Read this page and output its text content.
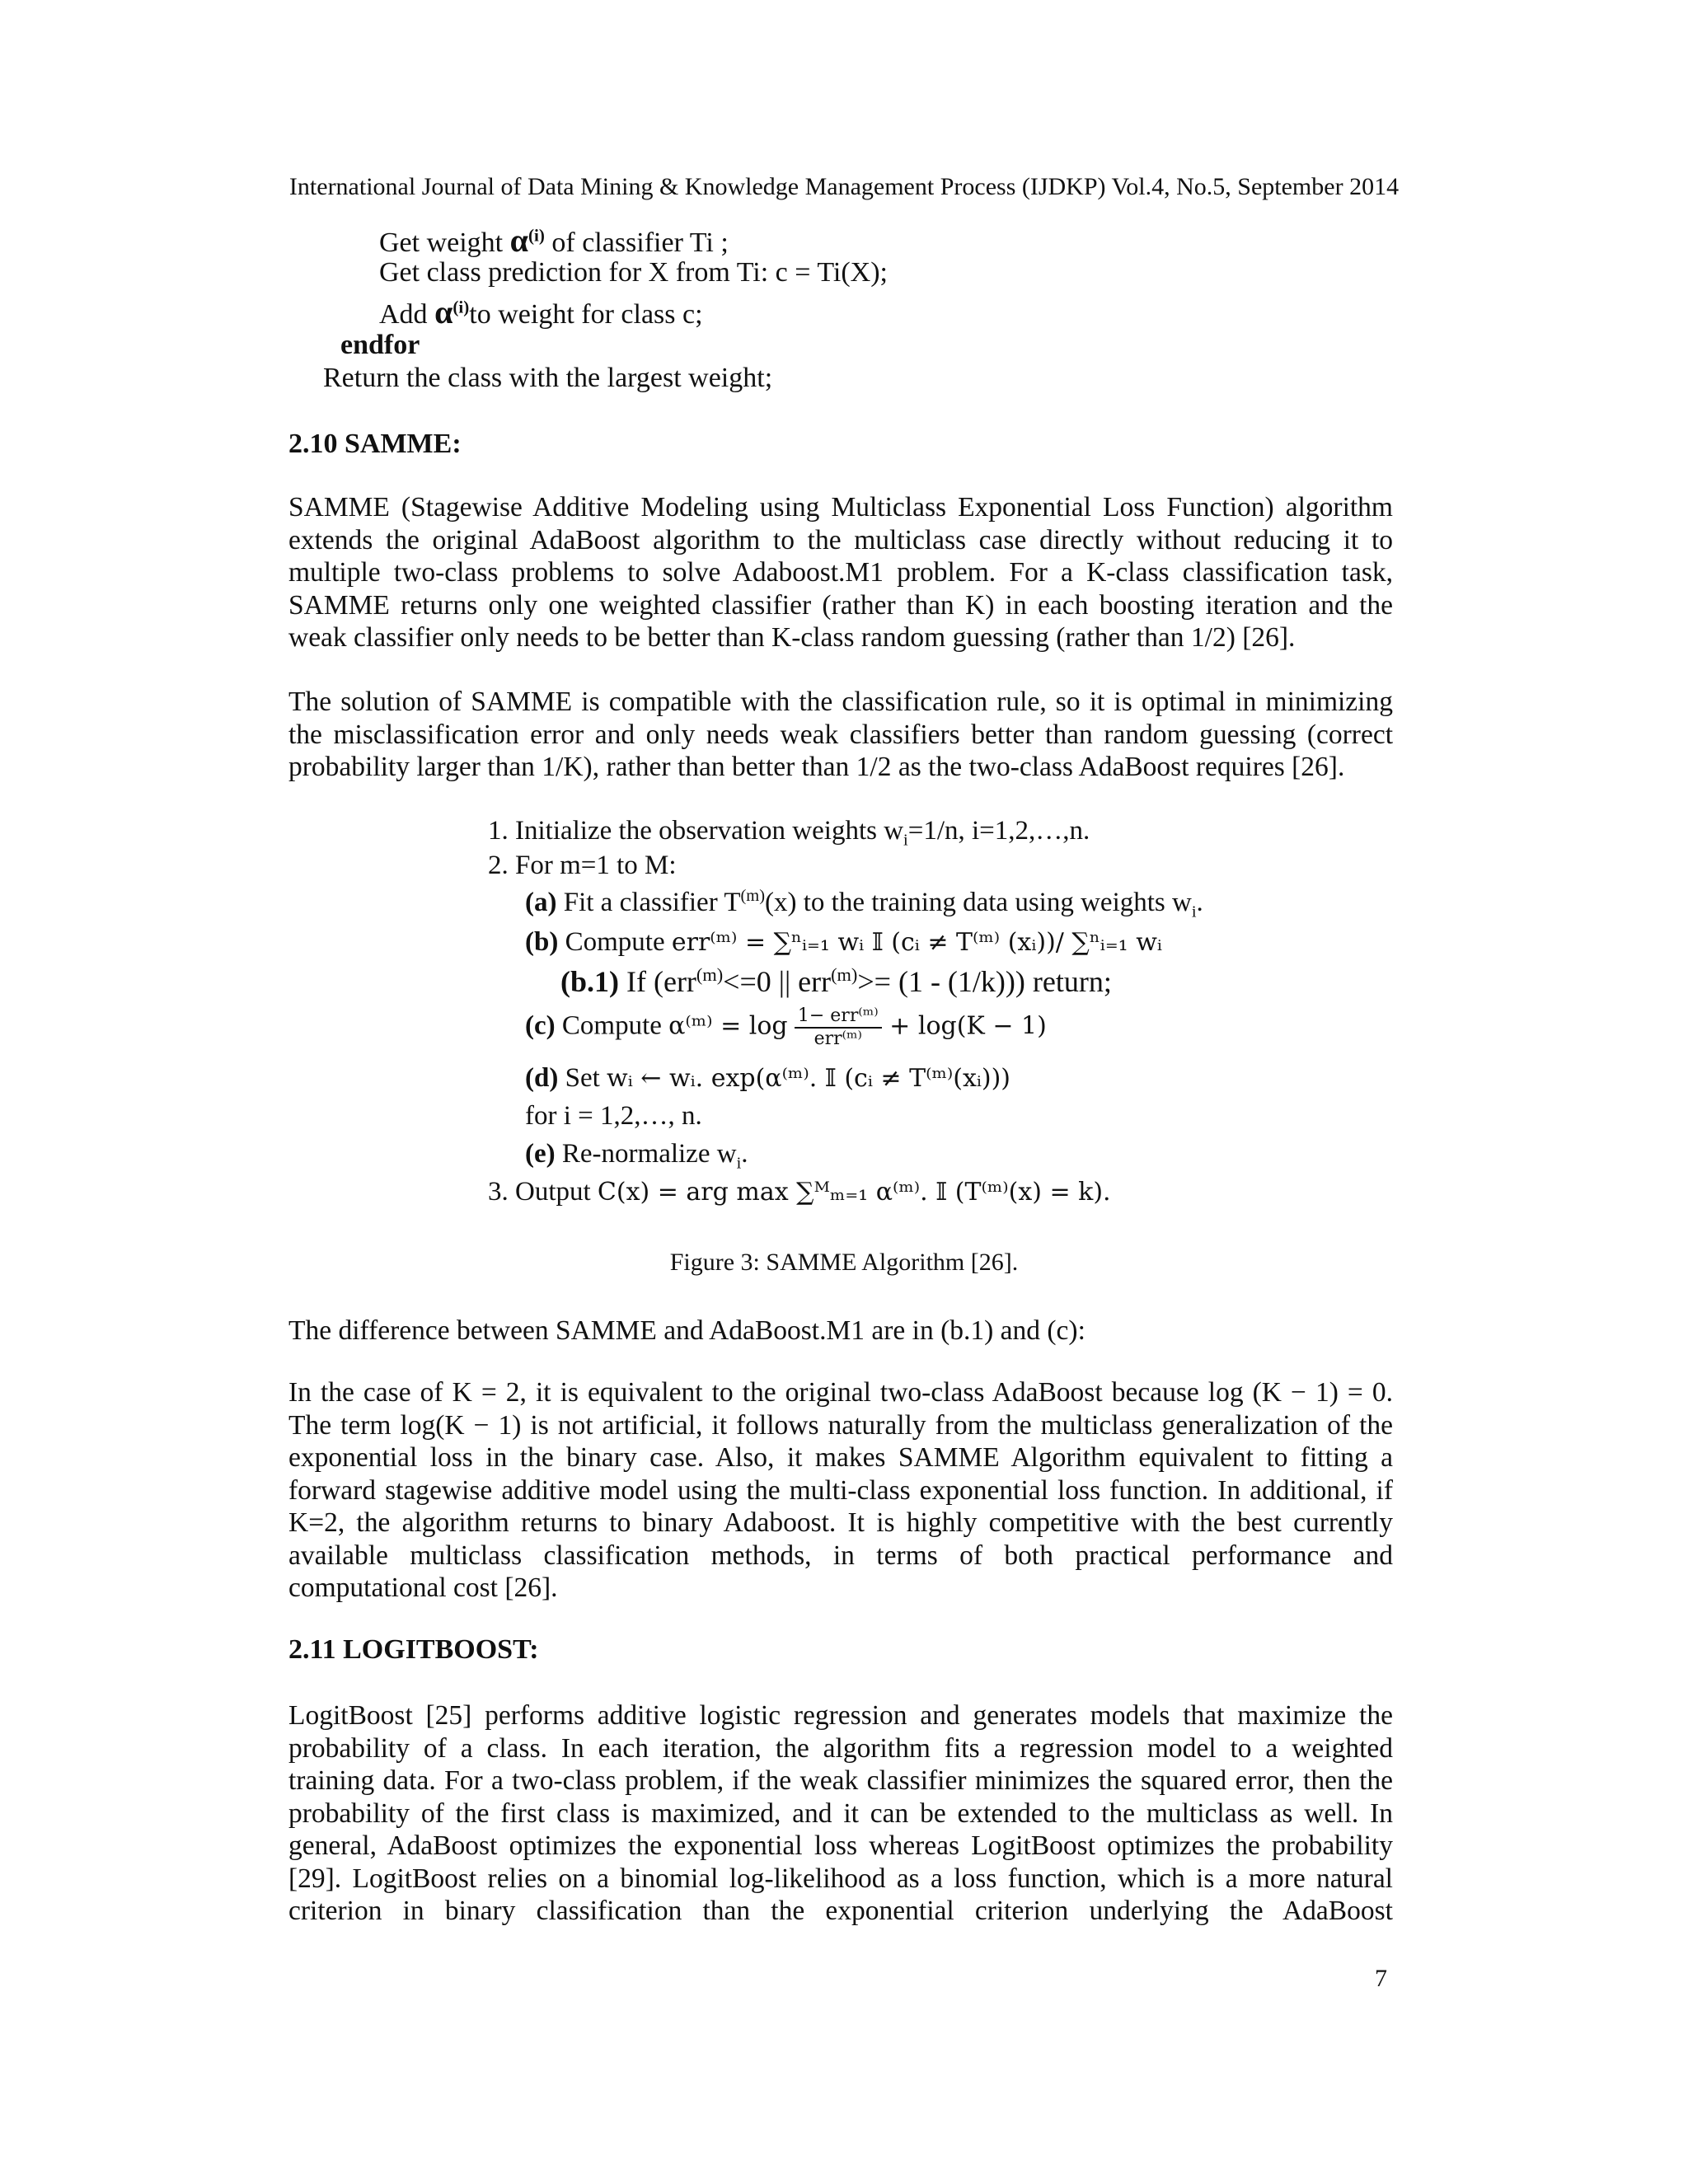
International Journal of Data Mining & Knowledge Management Process (IJDKP) Vol.4, No.5, September 2014
Get weight $\alpha^{(i)}$ of classifier Ti ;
Get class prediction for X from Ti: c = Ti(X);
Add $\alpha^{(i)}to$ weight for class c;
endfor
Return the class with the largest weight;
2.10 SAMME:
SAMME (Stagewise Additive Modeling using Multiclass Exponential Loss Function) algorithm
extends the original AdaBoost algorithm to the multiclass case directly without reducing it to
multiple two-class problems to solve Adaboost.M1 problem. For a K-class classification task,
SAMME returns only one weighted classifier (rather than K) in each boosting iteration and the
weak classifier only needs to be better than K-class random guessing (rather than 1/2) [26].
The solution of SAMME is compatible with the classification rule, so it is optimal in minimizing
the misclassification error and only needs weak classifiers better than random guessing (correct
probability larger than 1/K), rather than better than 1/2 as the two-class AdaBoost requires [26].
1. Initialize the observation weights $w_i=1/n$, i=1,2,…,n.
2. For m=1 to M:
(a) Fit a classifier $T^{(m)}(x)$ to the training data using weights $w_i$.
(b) Compute err⁽ᵐ⁾ = ∑ⁿᵢ₌₁ wᵢ 𝕀 (cᵢ ≠ T⁽ᵐ⁾ (xᵢ))/ ∑ⁿᵢ₌₁ wᵢ
(b.1) If (err$^{(m)}$<=0 || err$^{(m)}$>= (1 - (1/k))) return;
(c) Compute α⁽ᵐ⁾ = $\log \frac{\text{1− err⁽ᵐ⁾}}{\text{err⁽ᵐ⁾}} + \log(K - 1)$
(d) Set wᵢ ← wᵢ. exp(α⁽ᵐ⁾. 𝕀 (cᵢ ≠ T⁽ᵐ⁾(xᵢ)))
for i = 1,2,…, n.
(e) Re-normalize $w_i$.
3. Output C(x) = arg max ∑ᴹₘ₌₁ α⁽ᵐ⁾. 𝕀 (T⁽ᵐ⁾(x) = k).
Figure 3: SAMME Algorithm [26].
The difference between SAMME and AdaBoost.M1 are in (b.1) and (c):
In the case of K = 2, it is equivalent to the original two-class AdaBoost because log (K − 1) = 0.
The term log(K − 1) is not artificial, it follows naturally from the multiclass generalization of the
exponential loss in the binary case. Also, it makes SAMME Algorithm equivalent to fitting a
forward stagewise additive model using the multi-class exponential loss function. In additional, if
K=2, the algorithm returns to binary Adaboost. It is highly competitive with the best currently
available multiclass classification methods, in terms of both practical performance and
computational cost [26].
2.11 LOGITBOOST:
LogitBoost [25] performs additive logistic regression and generates models that maximize the
probability of a class. In each iteration, the algorithm fits a regression model to a weighted
training data. For a two-class problem, if the weak classifier minimizes the squared error, then the
probability of the first class is maximized, and it can be extended to the multiclass as well. In
general, AdaBoost optimizes the exponential loss whereas LogitBoost optimizes the probability
[29]. LogitBoost relies on a binomial log-likelihood as a loss function, which is a more natural
criterion in binary classification than the exponential criterion underlying the AdaBoost
7
